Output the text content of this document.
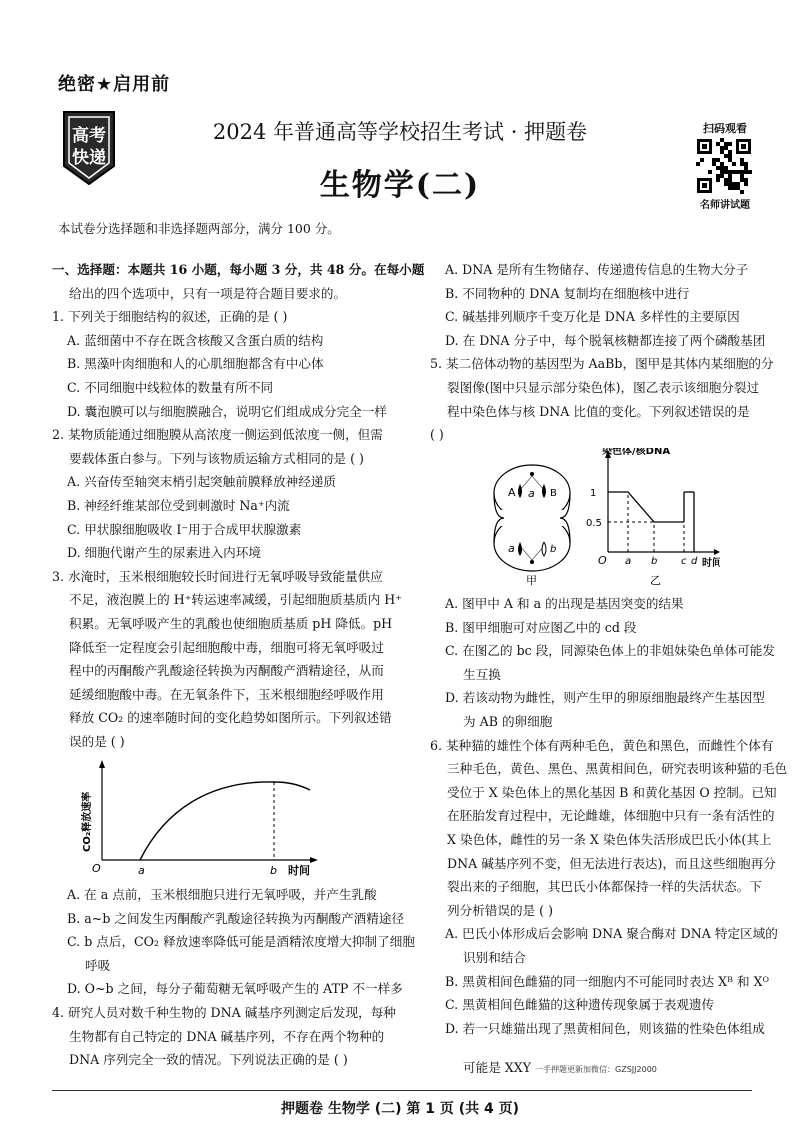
绝密★启用前
高考
快递
2024 年普通高等学校招生考试 · 押题卷
生物学(二)
扫码观看
名师讲试题
本试卷分选择题和非选择题两部分，满分 100 分。

一、选择题：本题共 16 小题，每小题 3 分，共 48 分。在每小题

给出的四个选项中，只有一项是符合题目要求的。

1. 下列关于细胞结构的叙述，正确的是 ( )

A. 蓝细菌中不存在既含核酸又含蛋白质的结构

B. 黑藻叶肉细胞和人的心肌细胞都含有中心体

C. 不同细胞中线粒体的数量有所不同

D. 囊泡膜可以与细胞膜融合，说明它们组成成分完全一样

2. 某物质能通过细胞膜从高浓度一侧运到低浓度一侧，但需

要载体蛋白参与。下列与该物质运输方式相同的是 ( )

A. 兴奋传至轴突末梢引起突触前膜释放神经递质

B. 神经纤维某部位受到刺激时 Na⁺内流

C. 甲状腺细胞吸收 I⁻用于合成甲状腺激素

D. 细胞代谢产生的尿素进入内环境

3. 水淹时，玉米根细胞较长时间进行无氧呼吸导致能量供应

不足，液泡膜上的 H⁺转运速率减缓，引起细胞质基质内 H⁺

积累。无氧呼吸产生的乳酸也使细胞质基质 pH 降低。pH

降低至一定程度会引起细胞酸中毒，细胞可将无氧呼吸过

程中的丙酮酸产乳酸途径转换为丙酮酸产酒精途径，从而

延缓细胞酸中毒。在无氧条件下，玉米根细胞经呼吸作用

释放 CO₂ 的速率随时间的变化趋势如图所示。下列叙述错

误的是 ( )

O	a	b 时间
CO₂释放速率

A. 在 a 点前，玉米根细胞只进行无氧呼吸，并产生乳酸

B. a~b 之间发生丙酮酸产乳酸途径转换为丙酮酸产酒精途径

C. b 点后，CO₂ 释放速率降低可能是酒精浓度增大抑制了细胞

呼吸

D. O~b 之间，每分子葡萄糖无氧呼吸产生的 ATP 不一样多

4. 研究人员对数千种生物的 DNA 碱基序列测定后发现，每种

生物都有自己特定的 DNA 碱基序列，不存在两个物种的

DNA 序列完全一致的情况。下列说法正确的是 ( )

A. DNA 是所有生物储存、传递遗传信息的生物大分子

B. 不同物种的 DNA 复制均在细胞核中进行

C. 碱基排列顺序千变万化是 DNA 多样性的主要原因

D. 在 DNA 分子中，每个脱氧核糖都连接了两个磷酸基团

5. 某二倍体动物的基因型为 AaBb，图甲是其体内某细胞的分

裂图像(图中只显示部分染色体)，图乙表示该细胞分裂过

程中染色体与核 DNA 比值的变化。下列叙述错误的是

( )

A a B
a	b
甲
1
0.5
O a b c d 时间
染色体/核DNA
乙

A. 图甲中 A 和 a 的出现是基因突变的结果

B. 图甲细胞可对应图乙中的 cd 段

C. 在图乙的 bc 段，同源染色体上的非姐妹染色单体可能发

生互换

D. 若该动物为雌性，则产生甲的卵原细胞最终产生基因型

为 AB 的卵细胞

6. 某种猫的雄性个体有两种毛色，黄色和黑色，而雌性个体有

三种毛色，黄色、黑色、黑黄相间色，研究表明该种猫的毛色

受位于 X 染色体上的黑化基因 B 和黄化基因 O 控制。已知

在胚胎发育过程中，无论雌雄，体细胞中只有一条有活性的

X 染色体，雌性的另一条 X 染色体失活形成巴氏小体(其上

DNA 碱基序列不变，但无法进行表达)，而且这些细胞再分

裂出来的子细胞，其巴氏小体都保持一样的失活状态。下

列分析错误的是 ( )

A. 巴氏小体形成后会影响 DNA 聚合酶对 DNA 特定区域的

识别和结合

B. 黑黄相间色雌猫的同一细胞内不可能同时表达 Xᴮ 和 Xᴼ

C. 黑黄相间色雌猫的这种遗传现象属于表观遗传

D. 若一只雄猫出现了黑黄相间色，则该猫的性染色体组成

可能是 XXY 一手押题更新加微信：GZSJJ2000

押题卷 生物学 (二) 第 1 页 (共 4 页)
